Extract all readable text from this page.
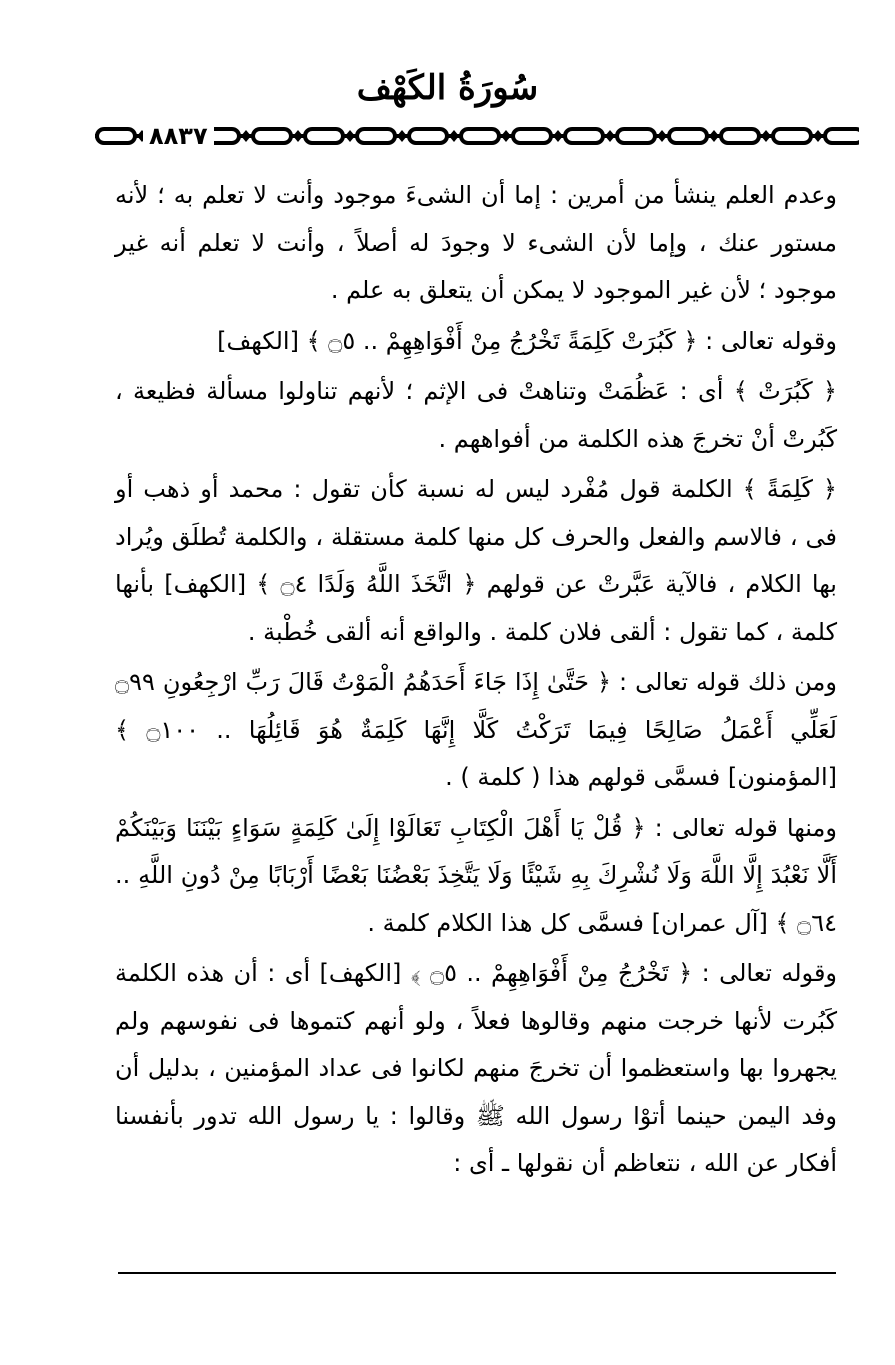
سُورَةُ الكَهْف
٨٨٣٧

وعدم العلم ينشأ من أمرين : إما أن الشىءَ موجود وأنت لا تعلم به ؛ لأنه مستور عنك ، وإما لأن الشىء لا وجودَ له أصلاً ، وأنت لا تعلم أنه غير موجود ؛ لأن غير الموجود لا يمكن أن يتعلق به علم .

وقوله تعالى : ﴿ كَبُرَتْ كَلِمَةً تَخْرُجُ مِنْ أَفْوَاهِهِمْ .. ۝٥ ﴾ [الكهف]

﴿ كَبُرَتْ ﴾ أى : عَظُمَتْ وتناهتْ فى الإثم ؛ لأنهم تناولوا مسألة فظيعة ، كَبُرتْ أنْ تخرجَ هذه الكلمة من أفواههم .

﴿ كَلِمَةً ﴾ الكلمة قول مُفْرد ليس له نسبة كأن تقول : محمد أو ذهب أو فى ، فالاسم والفعل والحرف كل منها كلمة مستقلة ، والكلمة تُطلَق ويُراد بها الكلام ، فالآية عَبَّرتْ عن قولهم ﴿ اتَّخَذَ اللَّهُ وَلَدًا ۝٤ ﴾ [الكهف] بأنها كلمة ، كما تقول : ألقى فلان كلمة . والواقع أنه ألقى خُطْبة .

ومن ذلك قوله تعالى : ﴿ حَتَّىٰ إِذَا جَاءَ أَحَدَهُمُ الْمَوْتُ قَالَ رَبِّ ارْجِعُونِ ۝٩٩ لَعَلِّي أَعْمَلُ صَالِحًا فِيمَا تَرَكْتُ كَلَّا إِنَّهَا كَلِمَةٌ هُوَ قَائِلُهَا .. ۝١٠٠ ﴾ [المؤمنون] فسمَّى قولهم هذا ( كلمة ) .

ومنها قوله تعالى : ﴿ قُلْ يَا أَهْلَ الْكِتَابِ تَعَالَوْا إِلَىٰ كَلِمَةٍ سَوَاءٍ بَيْنَنَا وَبَيْنَكُمْ أَلَّا نَعْبُدَ إِلَّا اللَّهَ وَلَا نُشْرِكَ بِهِ شَيْئًا وَلَا يَتَّخِذَ بَعْضُنَا بَعْضًا أَرْبَابًا مِنْ دُونِ اللَّهِ .. ۝٦٤ ﴾ [آل عمران] فسمَّى كل هذا الكلام كلمة .

وقوله تعالى : ﴿ تَخْرُجُ مِنْ أَفْوَاهِهِمْ .. ۝٥ ﴾ [الكهف] أى : أن هذه الكلمة كَبُرت لأنها خرجت منهم وقالوها فعلاً ، ولو أنهم كتموها فى نفوسهم ولم يجهروا بها واستعظموا أن تخرجَ منهم لكانوا فى عداد المؤمنين ، بدليل أن وفد اليمن حينما أتوْا رسول الله ﷺ وقالوا : يا رسول الله تدور بأنفسنا أفكار عن الله ، نتعاظم أن نقولها ـ أى :
